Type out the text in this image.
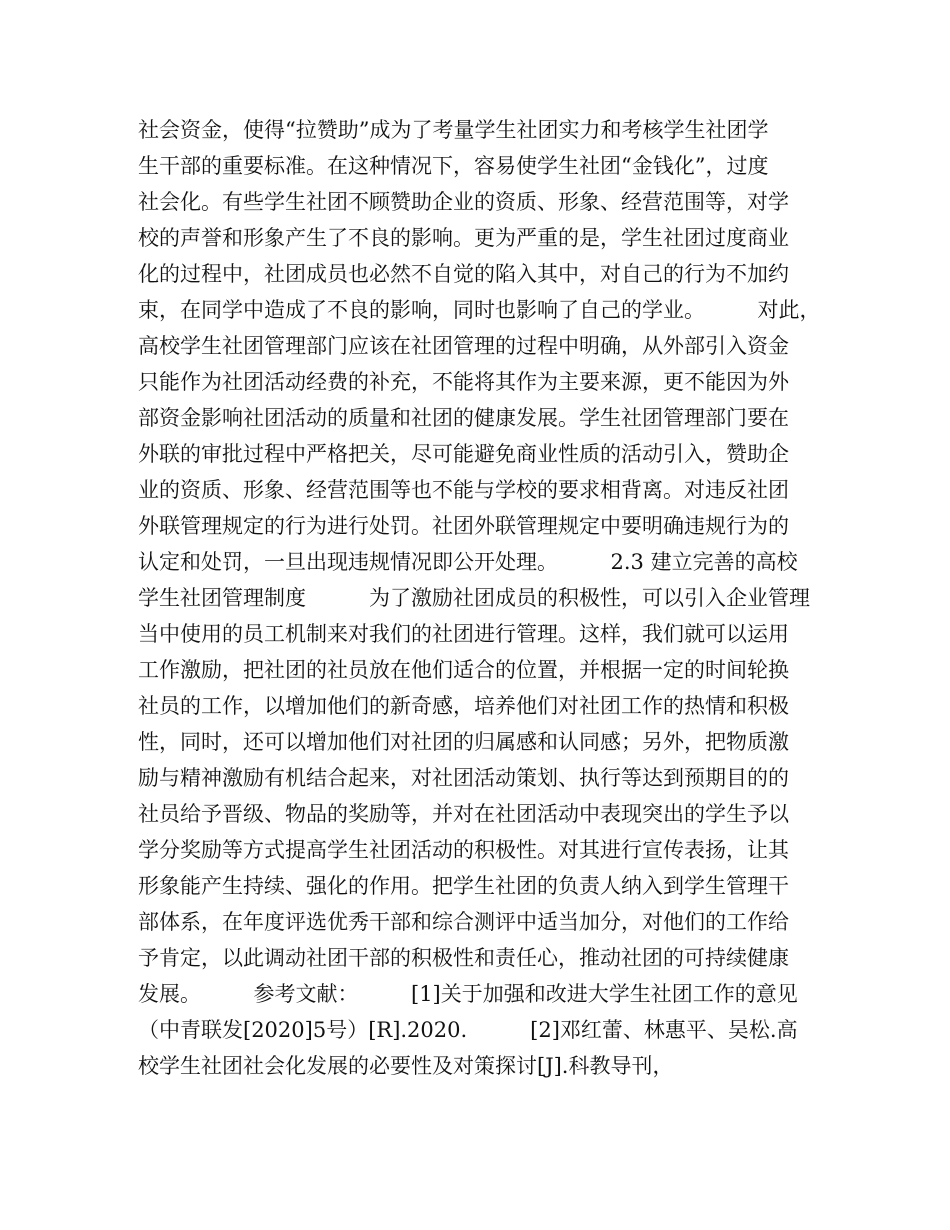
社会资金，使得“拉赞助”成为了考量学生社团实力和考核学生社团学
生干部的重要标准。在这种情况下，容易使学生社团“金钱化”，过度
社会化。有些学生社团不顾赞助企业的资质、形象、经营范围等，对学
校的声誉和形象产生了不良的影响。更为严重的是，学生社团过度商业
化的过程中，社团成员也必然不自觉的陷入其中，对自己的行为不加约
束，在同学中造成了不良的影响，同时也影响了自己的学业。　　　对此，
高校学生社团管理部门应该在社团管理的过程中明确，从外部引入资金
只能作为社团活动经费的补充，不能将其作为主要来源，更不能因为外
部资金影响社团活动的质量和社团的健康发展。学生社团管理部门要在
外联的审批过程中严格把关，尽可能避免商业性质的活动引入，赞助企
业的资质、形象、经营范围等也不能与学校的要求相背离。对违反社团
外联管理规定的行为进行处罚。社团外联管理规定中要明确违规行为的
认定和处罚，一旦出现违规情况即公开处理。　　　2.3 建立完善的高校
学生社团管理制度　　　为了激励社团成员的积极性，可以引入企业管理
当中使用的员工机制来对我们的社团进行管理。这样，我们就可以运用
工作激励，把社团的社员放在他们适合的位置，并根据一定的时间轮换
社员的工作，以增加他们的新奇感，培养他们对社团工作的热情和积极
性，同时，还可以增加他们对社团的归属感和认同感；另外，把物质激
励与精神激励有机结合起来，对社团活动策划、执行等达到预期目的的
社员给予晋级、物品的奖励等，并对在社团活动中表现突出的学生予以
学分奖励等方式提高学生社团活动的积极性。对其进行宣传表扬，让其
形象能产生持续、强化的作用。把学生社团的负责人纳入到学生管理干
部体系，在年度评选优秀干部和综合测评中适当加分，对他们的工作给
予肯定，以此调动社团干部的积极性和责任心，推动社团的可持续健康
发展。　　　参考文献：　　　[1]关于加强和改进大学生社团工作的意见
（中青联发[2020]5号）[R].2020.　　　[2]邓红蕾、林惠平、吴松.高
校学生社团社会化发展的必要性及对策探讨[J].科教导刊，
